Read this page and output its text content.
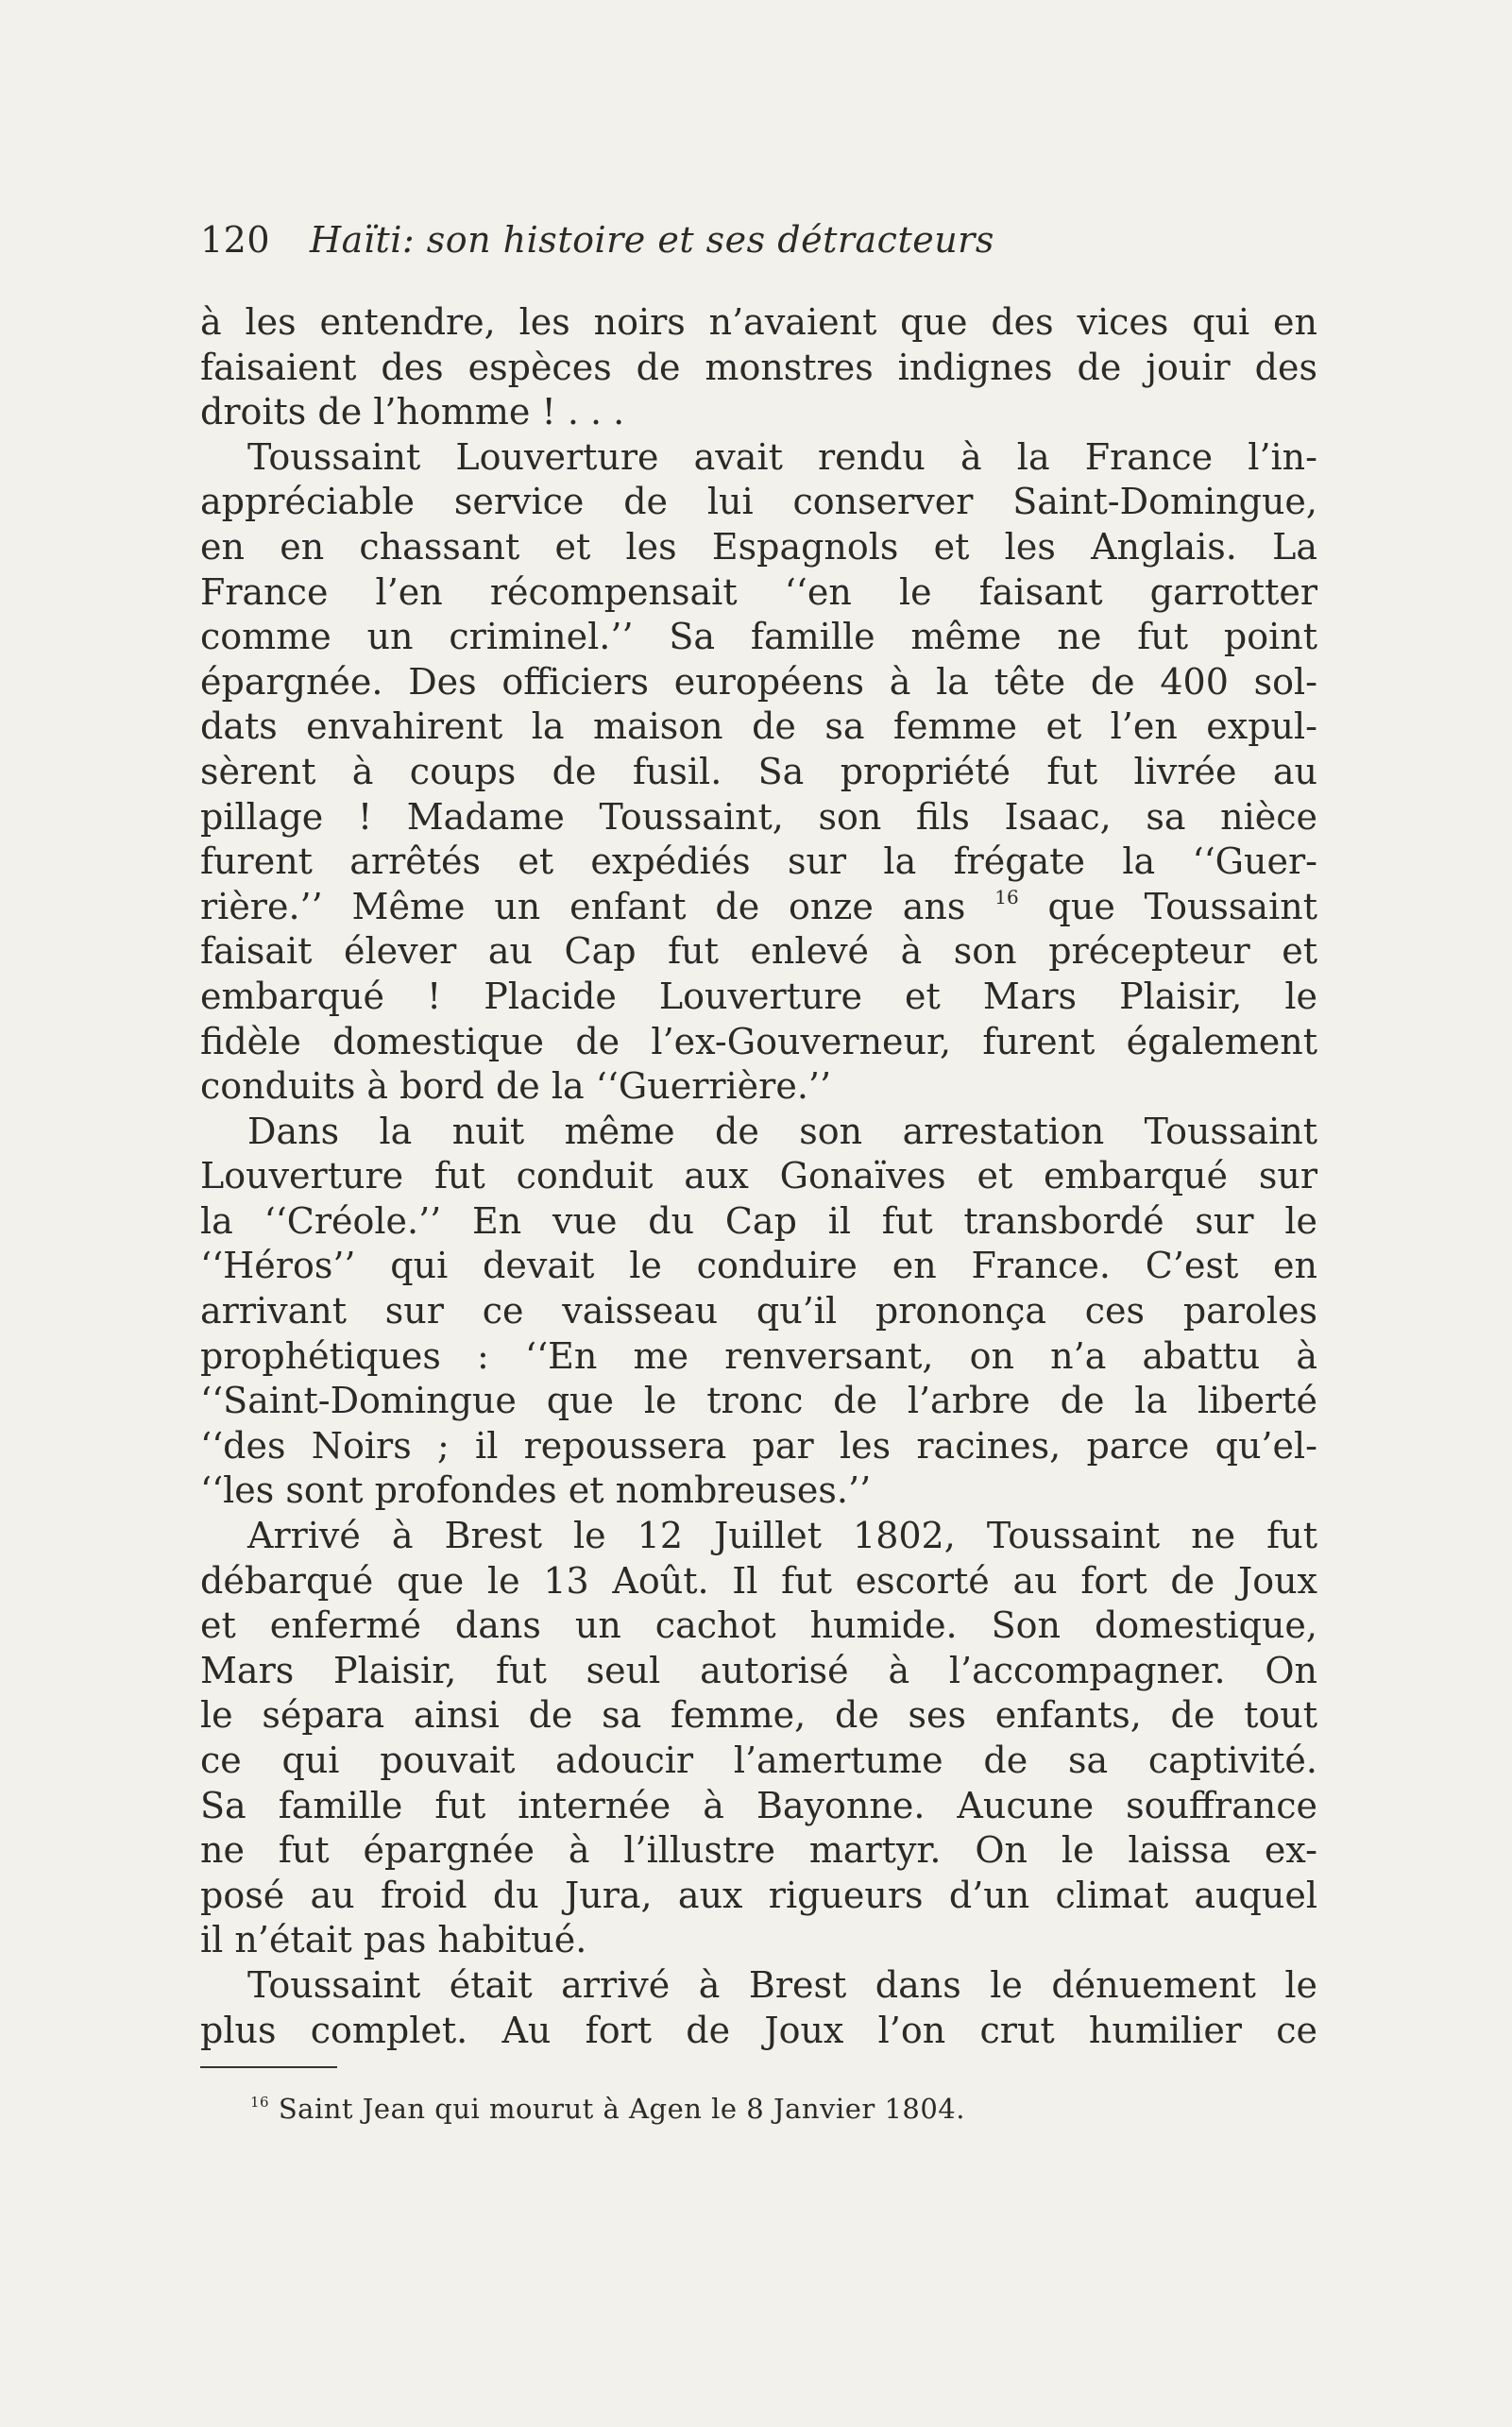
120 Haïti: son histoire et ses détracteurs

à les entendre, les noirs n’avaient que des vices qui en
faisaient des espèces de monstres indignes de jouir des
droits de l’homme ! . . .

Toussaint Louverture avait rendu à la France l’in-
appréciable service de lui conserver Saint-Domingue,
en en chassant et les Espagnols et les Anglais. La
France l’en récompensait ‘‘en le faisant garrotter
comme un criminel.’’ Sa famille même ne fut point
épargnée. Des officiers européens à la tête de 400 sol-
dats envahirent la maison de sa femme et l’en expul-
sèrent à coups de fusil. Sa propriété fut livrée au
pillage ! Madame Toussaint, son fils Isaac, sa nièce
furent arrêtés et expédiés sur la frégate la ‘‘Guer-
rière.’’ Même un enfant de onze ans $^{16}$ que Toussaint
faisait élever au Cap fut enlevé à son précepteur et
embarqué ! Placide Louverture et Mars Plaisir, le
fidèle domestique de l’ex-Gouverneur, furent également
conduits à bord de la ‘‘Guerrière.’’

Dans la nuit même de son arrestation Toussaint
Louverture fut conduit aux Gonaïves et embarqué sur
la ‘‘Créole.’’ En vue du Cap il fut transbordé sur le
‘‘Héros’’ qui devait le conduire en France. C’est en
arrivant sur ce vaisseau qu’il prononça ces paroles
prophétiques : ‘‘En me renversant, on n’a abattu à
‘‘Saint-Domingue que le tronc de l’arbre de la liberté
‘‘des Noirs ; il repoussera par les racines, parce qu’el-
‘‘les sont profondes et nombreuses.’’

Arrivé à Brest le 12 Juillet 1802, Toussaint ne fut
débarqué que le 13 Août. Il fut escorté au fort de Joux
et enfermé dans un cachot humide. Son domestique,
Mars Plaisir, fut seul autorisé à l’accompagner. On
le sépara ainsi de sa femme, de ses enfants, de tout
ce qui pouvait adoucir l’amertume de sa captivité.
Sa famille fut internée à Bayonne. Aucune souffrance
ne fut épargnée à l’illustre martyr. On le laissa ex-
posé au froid du Jura, aux rigueurs d’un climat auquel
il n’était pas habitué.

Toussaint était arrivé à Brest dans le dénuement le
plus complet. Au fort de Joux l’on crut humilier ce

$^{16}$ Saint Jean qui mourut à Agen le 8 Janvier 1804.
